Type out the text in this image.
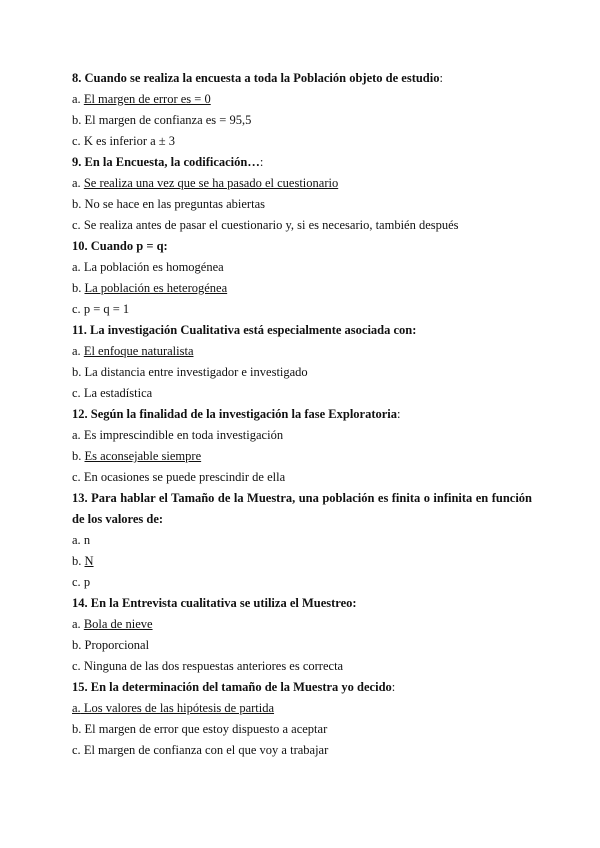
8. Cuando se realiza la encuesta a toda la Población objeto de estudio:
a. El margen de error es = 0
b. El margen de confianza es = 95,5
c. K es inferior a ± 3
9. En la Encuesta, la codificación…:
a. Se realiza una vez que se ha pasado el cuestionario
b. No se hace en las preguntas abiertas
c. Se realiza antes de pasar el cuestionario y, si es necesario, también después
10. Cuando p = q:
a. La población es homogénea
b. La población es heterogénea
c. p = q = 1
11. La investigación Cualitativa está especialmente asociada con:
a. El enfoque naturalista
b. La distancia entre investigador e investigado
c. La estadística
12. Según la finalidad de la investigación la fase Exploratoria:
a. Es imprescindible en toda investigación
b. Es aconsejable siempre
c. En ocasiones se puede prescindir de ella
13. Para hablar el Tamaño de la Muestra, una población es finita o infinita en función de los valores de:
a. n
b. N
c. p
14. En la Entrevista cualitativa se utiliza el Muestreo:
a. Bola de nieve
b. Proporcional
c. Ninguna de las dos respuestas anteriores es correcta
15. En la determinación del tamaño de la Muestra yo decido:
a. Los valores de las hipótesis de partida
b. El margen de error que estoy dispuesto a aceptar
c. El margen de confianza con el que voy a trabajar
